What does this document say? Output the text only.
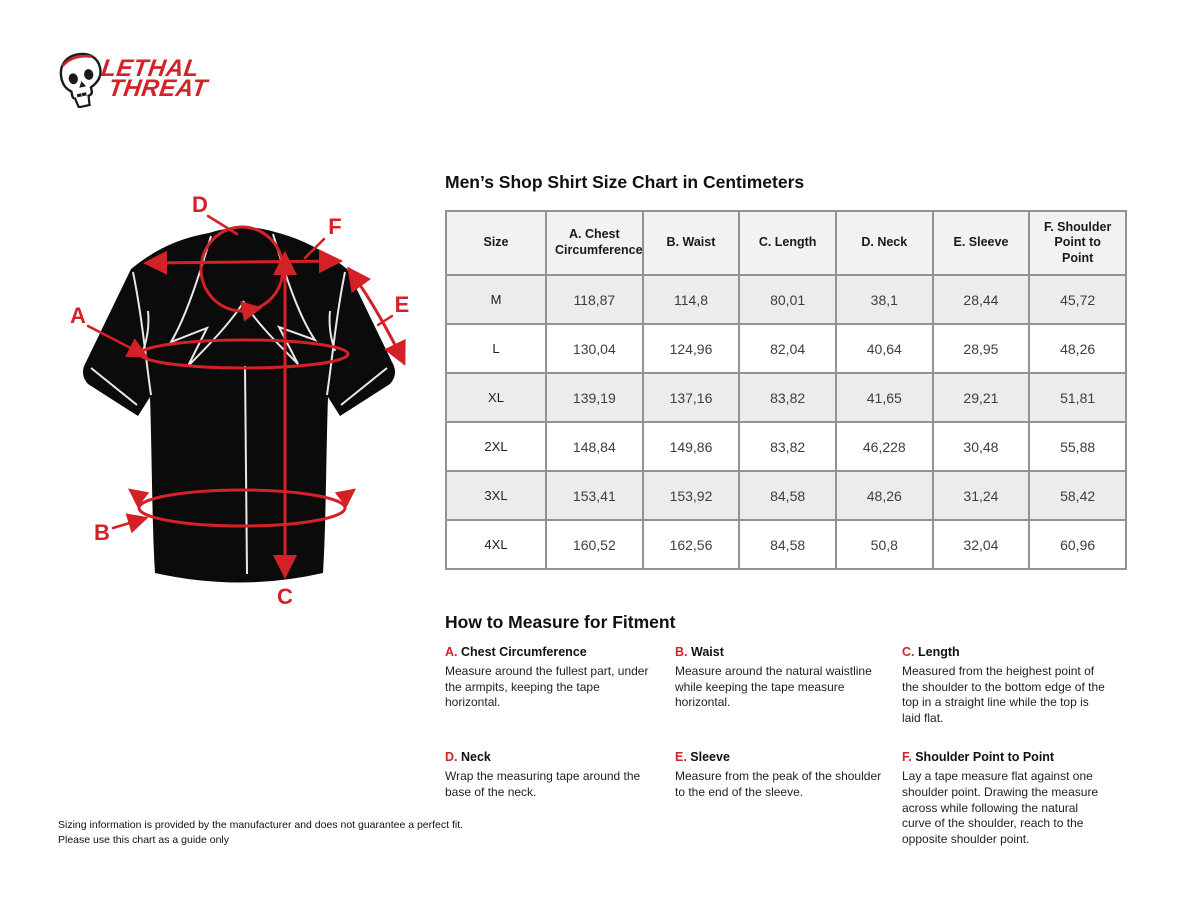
LETHAL
THREAT
D
F
E
A
B
C
Men’s Shop Shirt Size Chart in Centimeters
Size	A. Chest Circumference	B. Waist	C. Length	D. Neck	E. Sleeve	F. Shoulder Point to Point
M	118,87	114,8	80,01	38,1	28,44	45,72
L	130,04	124,96	82,04	40,64	28,95	48,26
XL	139,19	137,16	83,82	41,65	29,21	51,81
2XL	148,84	149,86	83,82	46,228	30,48	55,88
3XL	153,41	153,92	84,58	48,26	31,24	58,42
4XL	160,52	162,56	84,58	50,8	32,04	60,96
How to Measure for Fitment
A. Chest Circumference

Measure around the fullest part, under the armpits, keeping the tape horizontal.

B. Waist

Measure around the natural waistline while keeping the tape measure horizontal.

C. Length

Measured from the heighest point of the shoulder to the bottom edge of the top in a straight line while the top is laid flat.

D. Neck

Wrap the measuring tape around the base of the neck.

E. Sleeve

Measure from the peak of the shoulder to the end of the sleeve.

F. Shoulder Point to Point

Lay a tape measure flat against one shoulder point. Drawing the measure across while following the natural curve of the shoulder, reach to the opposite shoulder point.

Sizing information is provided by the manufacturer and does not guarantee a perfect fit.
Please use this chart as a guide only
